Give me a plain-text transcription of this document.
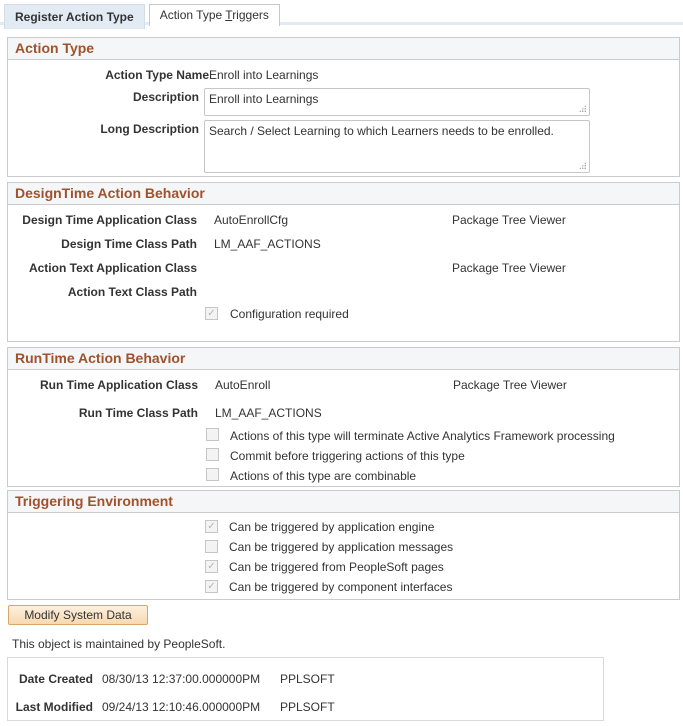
Register Action Type	Action Type Triggers
Action Type
Action Type Name Enroll into Learnings
Description Enroll into Learnings
Long Description Search / Select Learning to which Learners needs to be enrolled.
DesignTime Action Behavior
Design Time Application Class AutoEnrollCfg	Package Tree Viewer
Design Time Class Path LM_AAF_ACTIONS
Action Text Application Class	Package Tree Viewer
Action Text Class Path
✓ Configuration required
RunTime Action Behavior
Run Time Application Class AutoEnroll	Package Tree Viewer
Run Time Class Path LM_AAF_ACTIONS
Actions of this type will terminate Active Analytics Framework processing
Commit before triggering actions of this type
Actions of this type are combinable
Triggering Environment
✓ Can be triggered by application engine
Can be triggered by application messages
✓ Can be triggered from PeopleSoft pages
✓ Can be triggered by component interfaces
Modify System Data
This object is maintained by PeopleSoft.
Date Created 08/30/13 12:37:00.000000PM PPLSOFT
Last Modified 09/24/13 12:10:46.000000PM PPLSOFT
